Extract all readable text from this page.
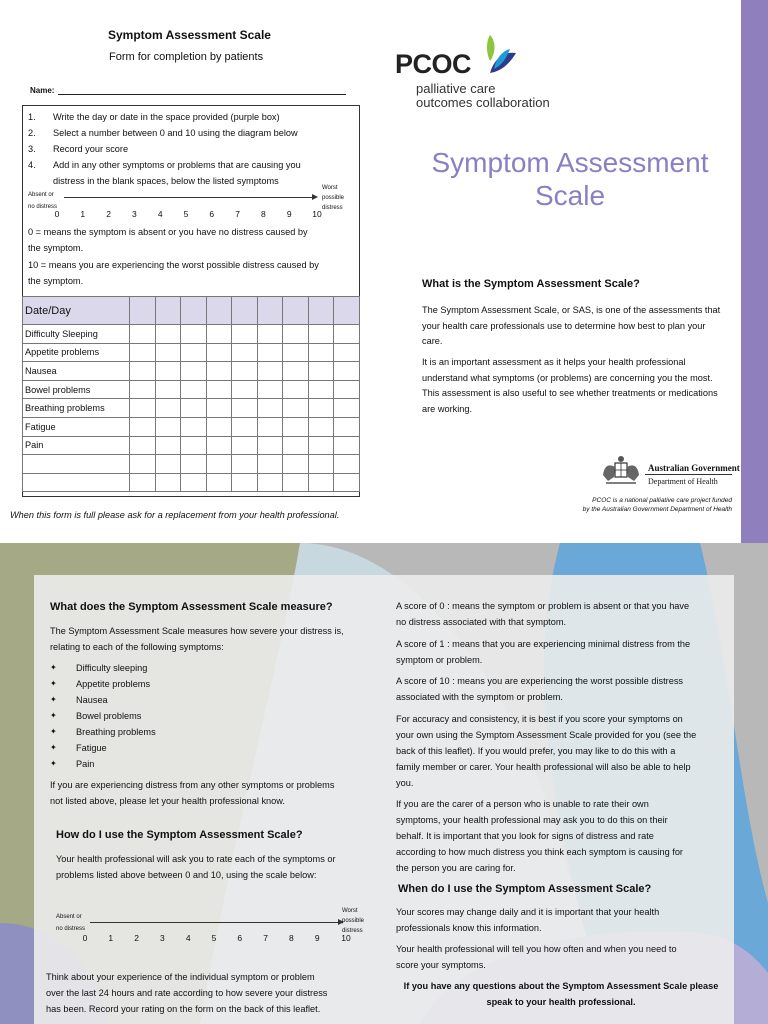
Symptom Assessment Scale
Form for completion by patients
Name:
1. Write the day or date in the space provided (purple box)
2. Select a number between 0 and 10 using the diagram below
3. Record your score
4. Add in any other symptoms or problems that are causing you
distress in the blank spaces, below the listed symptoms
Absent or
no distress
Worst
possible
distress
0	1	2	3	4	5	6	7	8	9	10
0 = means the symptom is absent or you have no distress caused by
the symptom.
10 = means you are experiencing the worst possible distress caused by
the symptom.
Date/Day									
Difficulty Sleeping									
Appetite problems									
Nausea									
Bowel problems									
Breathing problems									
Fatigue									
Pain									

When this form is full please ask for a replacement from your health professional.
PCOC
palliative care
outcomes collaboration
Symptom Assessment
Scale
What is the Symptom Assessment Scale?
The Symptom Assessment Scale, or SAS, is one of the assessments that your health care professionals use to determine how best to plan your care.
It is an important assessment as it helps your health professional understand what symptoms (or problems) are concerning you the most. This assessment is also useful to see whether treatments or medications are working.
Australian Government
Department of Health
PCOC is a national palliative care project funded
by the Australian Government Department of Health
What does the Symptom Assessment Scale measure?
The Symptom Assessment Scale measures how severe your distress is,
relating to each of the following symptoms:
✦ Difficulty sleeping
✦ Appetite problems
✦ Nausea
✦ Bowel problems
✦ Breathing problems
✦ Fatigue
✦ Pain
If you are experiencing distress from any other symptoms or problems
not listed above, please let your health professional know.
How do I use the Symptom Assessment Scale?
Your health professional will ask you to rate each of the symptoms or
problems listed above between 0 and 10, using the scale below:
Absent or
no distress
Worst
possible
distress
0	1	2	3	4	5	6	7	8	9	10
Think about your experience of the individual symptom or problem
over the last 24 hours and rate according to how severe your distress
has been. Record your rating on the form on the back of this leaflet.
A score of 0 : means the symptom or problem is absent or that you have
no distress associated with that symptom.
A score of 1 : means that you are experiencing minimal distress from the
symptom or problem.
A score of 10 : means you are experiencing the worst possible distress
associated with the symptom or problem.
For accuracy and consistency, it is best if you score your symptoms on
your own using the Symptom Assessment Scale provided for you (see the
back of this leaflet). If you would prefer, you may like to do this with a
family member or carer. Your health professional will also be able to help
you.
If you are the carer of a person who is unable to rate their own
symptoms, your health professional may ask you to do this on their
behalf. It is important that you look for signs of distress and rate
according to how much distress you think each symptom is causing for
the person you are caring for.
When do I use the Symptom Assessment Scale?
Your scores may change daily and it is important that your health
professionals know this information.
Your health professional will tell you how often and when you need to
score your symptoms.
If you have any questions about the Symptom Assessment Scale please
speak to your health professional.
